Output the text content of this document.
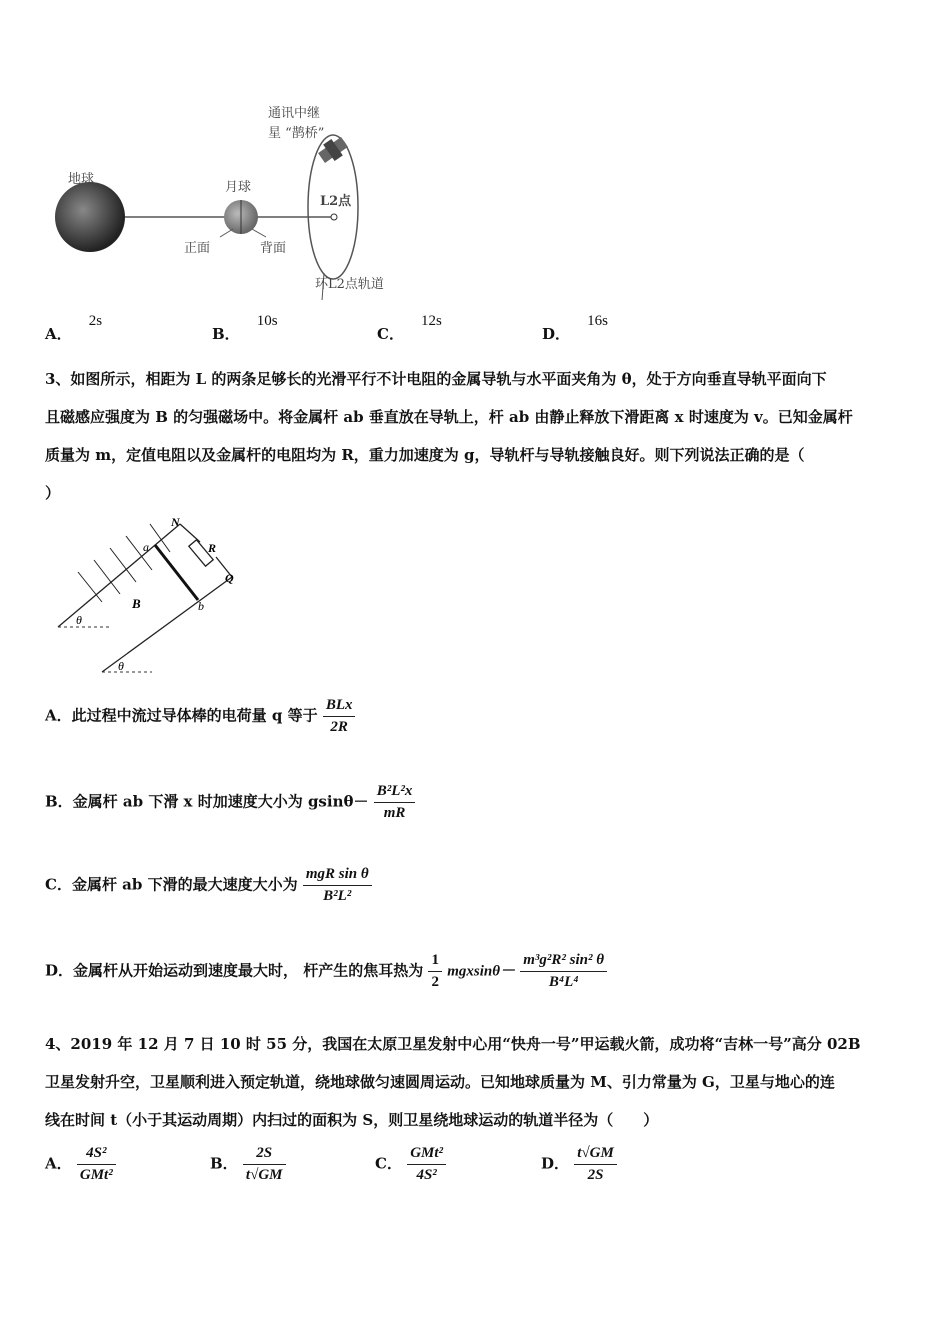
通讯中继
星 “鹊桥”
地球
月球
正面	背面
L2点
环L2点轨道
A． 2s
B． 10s
C． 12s
D． 16s
3、如图所示，相距为 L 的两条足够长的光滑平行不计电阻的金属导轨与水平面夹角为 θ，处于方向垂直导轨平面向下
且磁感应强度为 B 的匀强磁场中。将金属杆 ab 垂直放在导轨上，杆 ab 由静止释放下滑距离 x 时速度为 v。已知金属杆
质量为 m，定值电阻以及金属杆的电阻均为 R，重力加速度为 g，导轨杆与导轨接触良好。则下列说法正确的是（
）
N
R
Q
a
b
B
θ
θ
A．此过程中流过导体棒的电荷量 q 等于 $\frac{\text{BLx}}{2R}$
B．金属杆 ab 下滑 x 时加速度大小为 $gsin\theta- \frac{\text{B²L²x}}{mR}$
C．金属杆 ab 下滑的最大速度大小为 $\frac{\text{mgR sin θ}}{\text{B²L²}}$
D．金属杆从开始运动到速度最大时， 杆产生的焦耳热为 $\frac{1}{2} mgxsin\theta- \frac{\text{m³g²R² sin² θ}}{\text{B⁴L⁴}}$
4、2019 年 12 月 7 日 10 时 55 分，我国在太原卫星发射中心用“快舟一号”甲运载火箭，成功将“吉林一号”高分 02B
卫星发射升空，卫星顺利进入预定轨道，绕地球做匀速圆周运动。已知地球质量为 M、引力常量为 G，卫星与地心的连
线在时间 t（小于其运动周期）内扫过的面积为 S，则卫星绕地球运动的轨道半径为（　　）
A． $\frac{\text{4S²}}{\text{GMt²}}$	B． $\frac{2S}{t√GM}$	C． $\frac{\text{GMt²}}{\text{4S²}}$	D． $\frac{t√GM}{2S}$
